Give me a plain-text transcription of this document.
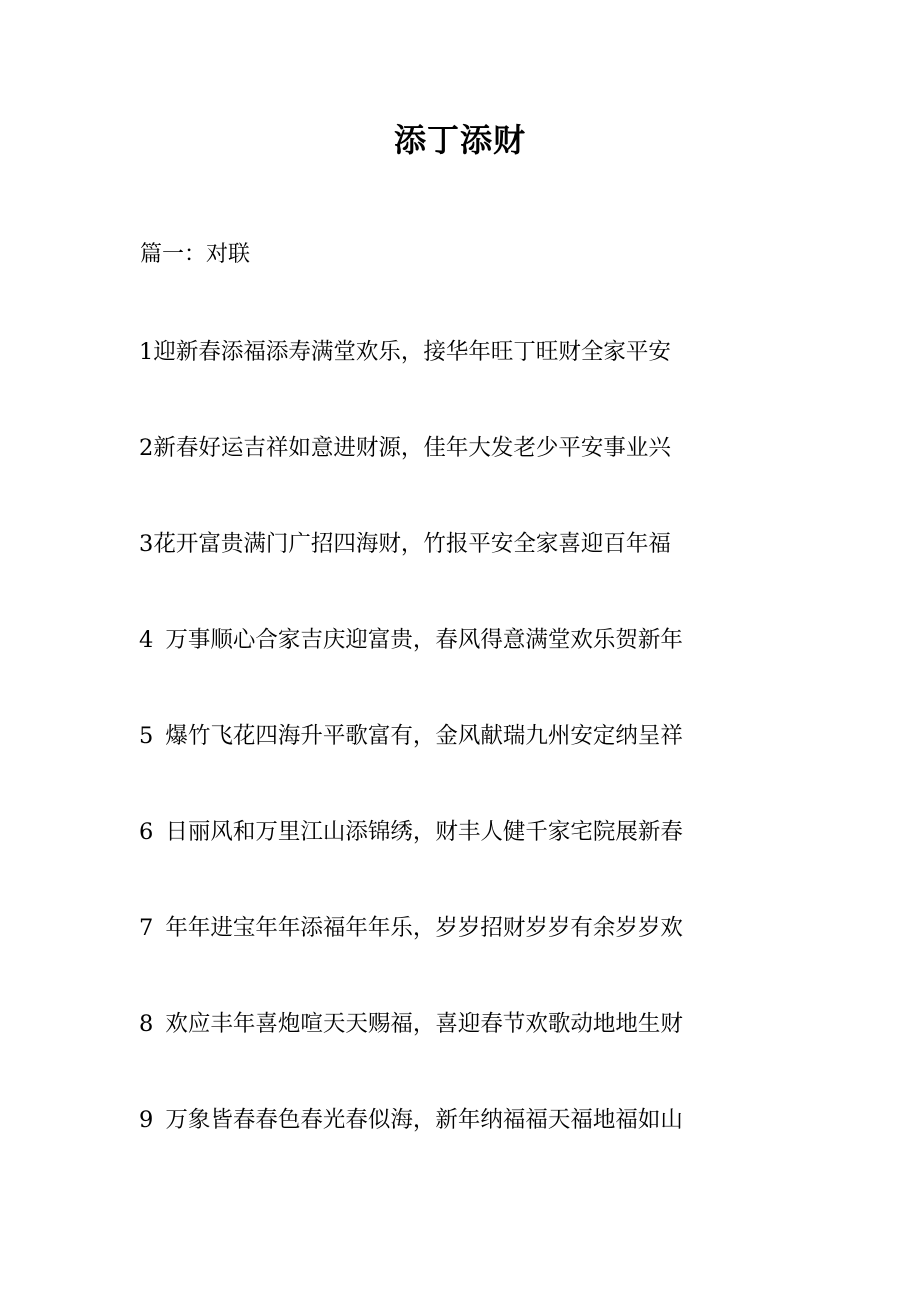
添丁添财

篇一：对联

1迎新春添福添寿满堂欢乐，接华年旺丁旺财全家平安
2新春好运吉祥如意进财源，佳年大发老少平安事业兴
3花开富贵满门广招四海财，竹报平安全家喜迎百年福
4 万事顺心合家吉庆迎富贵，春风得意满堂欢乐贺新年
5 爆竹飞花四海升平歌富有，金风献瑞九州安定纳呈祥
6 日丽风和万里江山添锦绣，财丰人健千家宅院展新春
7 年年进宝年年添福年年乐，岁岁招财岁岁有余岁岁欢
8 欢应丰年喜炮喧天天赐福，喜迎春节欢歌动地地生财
9 万象皆春春色春光春似海，新年纳福福天福地福如山
